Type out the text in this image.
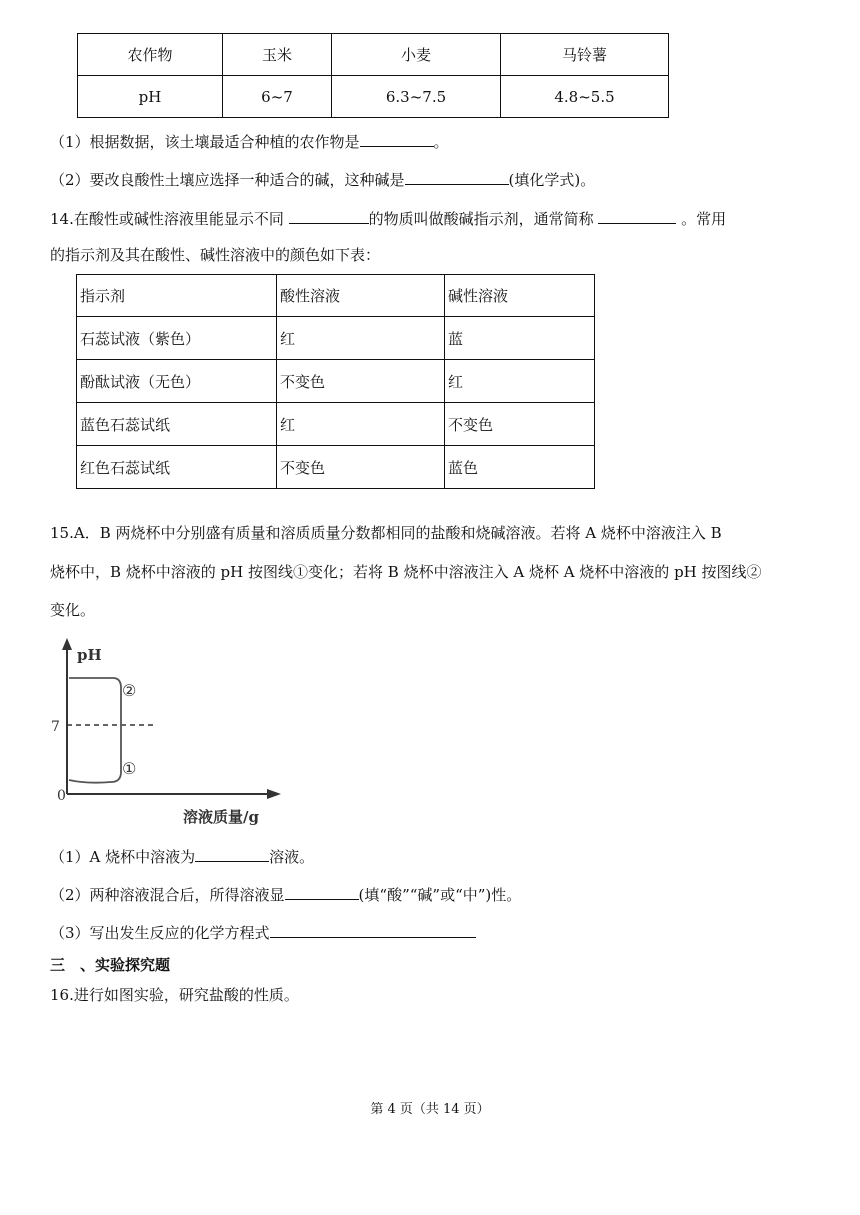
农作物	玉米	小麦	马铃薯
pH	6~7	6.3~7.5	4.8~5.5
（1）根据数据，该土壤最适合种植的农作物是	。
（2）要改良酸性土壤应选择一种适合的碱，这种碱是	(填化学式)。
14.在酸性或碱性溶液里能显示不同	的物质叫做酸碱指示剂，通常简称	。常用
的指示剂及其在酸性、碱性溶液中的颜色如下表：
指示剂	酸性溶液	碱性溶液
石蕊试液（紫色）	红	蓝
酚酞试液（无色）	不变色	红
蓝色石蕊试纸	红	不变色
红色石蕊试纸	不变色	蓝色
15.A．B 两烧杯中分别盛有质量和溶质质量分数都相同的盐酸和烧碱溶液。若将 A 烧杯中溶液注入 B
烧杯中，B 烧杯中溶液的 pH 按图线①变化；若将 B 烧杯中溶液注入 A 烧杯 A 烧杯中溶液的 pH 按图线②
变化。
pH
7
0
②
①
溶液质量/g
（1）A 烧杯中溶液为	溶液。
（2）两种溶液混合后，所得溶液显	(填“酸”“碱”或“中”)性。
（3）写出发生反应的化学方程式
三　、实验探究题
16.进行如图实验，研究盐酸的性质。
第 4 页（共 14 页）
